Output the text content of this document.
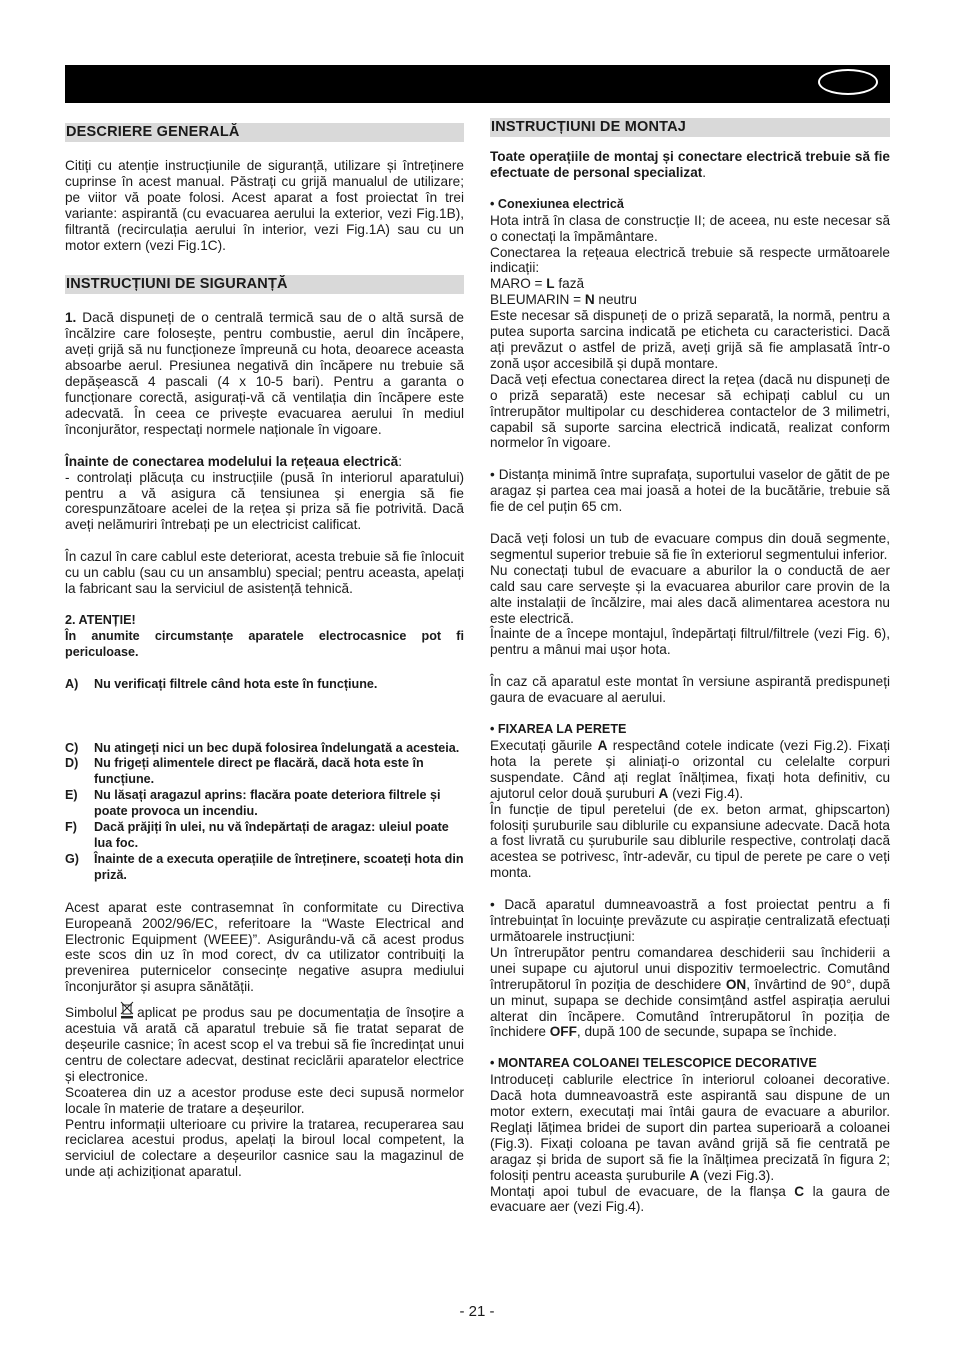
DESCRIERE GENERALĂ

Citiți cu atenție instrucțiunile de siguranță, utilizare și întreținere cuprinse în acest manual. Păstrați cu grijă manualul de utilizare; pe viitor vă poate folosi. Acest aparat a fost proiectat în trei variante: aspirantă (cu evacuarea aerului la exterior, vezi Fig.1B), filtrantă (recirculația aerului în interior, vezi Fig.1A) sau cu un motor extern (vezi Fig.1C).

INSTRUCȚIUNI DE SIGURANȚĂ

1. Dacă dispuneți de o centrală termică sau de o altă sursă de încălzire care folosește, pentru combustie, aerul din încăpere, aveți grijă să nu funcționeze împreună cu hota, deoarece aceasta absoarbe aerul. Presiunea negativă din încăpere nu trebuie să depășească 4 pascali (4 x 10-5 bari). Pentru a garanta o funcționare corectă, asigurați-vă că ventilația din încăpere este adecvată. În ceea ce privește evacuarea aerului în mediul înconjurător, respectați normele naționale în vigoare.

Înainte de conectarea modelului la rețeaua electrică:

- controlați plăcuța cu instrucțiile (pusă în interiorul aparatului) pentru a vă asigura că tensiunea și energia să fie corespunzătoare acelei de la rețea și priza să fie potrivită. Dacă aveți nelămuriri întrebați pe un electricist calificat.

În cazul în care cablul este deteriorat, acesta trebuie să fie înlocuit cu un cablu (sau cu un ansamblu) special; pentru aceasta, apelați la fabricant sau la serviciul de asistență tehnică.

2. ATENȚIE!

În anumite circumstanțe aparatele electrocasnice pot fi periculoase.

A)	Nu verificați filtrele când hota este în funcțiune.
C)	Nu atingeți nici un bec după folosirea îndelungată a acesteia.
D)	Nu frigeți alimentele direct pe flacără, dacă hota este în funcțiune.
E)	Nu lăsați aragazul aprins: flacăra poate deteriora filtrele și poate provoca un incendiu.
F)	Dacă prăjiți în ulei, nu vă îndepărtați de aragaz: uleiul poate lua foc.
G)	Înainte de a executa operațiile de întreținere, scoateți hota din priză.

Acest aparat este contrasemnat în conformitate cu Directiva Europeană 2002/96/EC, referitoare la “Waste Electrical and Electronic Equipment (WEEE)”. Asigurându-vă că acest produs este scos din uz în mod corect, dv ca utilizator contribuiți la prevenirea puternicelor consecințe negative asupra mediului înconjurător și asupra sănătății.

Simbolul aplicat pe produs sau pe documentația de însoțire a acestuia vă arată că aparatul trebuie să fie tratat separat de deșeurile casnice; în acest scop el va trebui să fie încredințat unui centru de colectare adecvat, destinat reciclării aparatelor electrice și electronice.

Scoaterea din uz a acestor produse este deci supusă normelor locale în materie de tratare a deșeurilor.

Pentru informații ulterioare cu privire la tratarea, recuperarea sau reciclarea acestui produs, apelați la biroul local competent, la serviciul de colectare a deșeurilor casnice sau la magazinul de unde ați achiziționat aparatul.

INSTRUCȚIUNI DE MONTAJ

Toate operațiile de montaj și conectare electrică trebuie să fie efectuate de personal specializat.

• Conexiunea electrică

Hota intră în clasa de construcție II; de aceea, nu este necesar să o conectați la împământare.

Conectarea la rețeaua electrică trebuie să respecte următoarele indicații:

MARO = L fază

BLEUMARIN = N neutru

Este necesar să dispuneți de o priză separată, la normă, pentru a putea suporta sarcina indicată pe eticheta cu caracteristici. Dacă ați prevăzut o astfel de priză, aveți grijă să fie amplasată într-o zonă ușor accesibilă și după montare.

Dacă veți efectua conectarea direct la rețea (dacă nu dispuneți de o priză separată) este necesar să echipați cablul cu un întrerupător multipolar cu deschiderea contactelor de 3 milimetri, capabil să suporte sarcina electrică indicată, realizat conform normelor în vigoare.

• Distanța minimă între suprafața, suportului vaselor de gătit de pe aragaz și partea cea mai joasă a hotei de la bucătărie, trebuie să fie de cel puțin 65 cm.

Dacă veți folosi un tub de evacuare compus din două segmente, segmentul superior trebuie să fie în exteriorul segmentului inferior.

Nu conectați tubul de evacuare a aburilor la o conductă de aer cald sau care servește și la evacuarea aburilor care provin de la alte instalații de încălzire, mai ales dacă alimentarea acestora nu este electrică.

Înainte de a începe montajul, îndepărtați filtrul/filtrele (vezi Fig. 6), pentru a mânui mai ușor hota.

În caz că aparatul este montat în versiune aspirantă predispuneți gaura de evacuare al aerului.

• FIXAREA LA PERETE

Executați găurile A respectând cotele indicate (vezi Fig.2). Fixați hota la perete și aliniați-o orizontal cu celelalte corpuri suspendate. Când ați reglat înălțimea, fixați hota definitiv, cu ajutorul celor două șuruburi A (vezi Fig.4).

În funcție de tipul peretelui (de ex. beton armat, ghipscarton) folosiți șuruburile sau diblurile cu expansiune adecvate. Dacă hota a fost livrată cu șuruburile sau diblurile respective, controlați dacă acestea se potrivesc, într-adevăr, cu tipul de perete pe care o veți monta.

• Dacă aparatul dumneavoastră a fost proiectat pentru a fi întrebuințat în locuințe prevăzute cu aspirație centralizată efectuați următoarele instrucțiuni:

Un întrerupător pentru comandarea deschiderii sau închiderii a unei supape cu ajutorul unui dispozitiv termoelectric. Comutând întrerupătorul în poziția de deschidere ON, învârtind de 90°, după un minut, supapa se dechide consimțând astfel aspirația aerului alterat din încăpere. Comutând întrerupătorul în poziția de închidere OFF, după 100 de secunde, supapa se închide.

• MONTAREA COLOANEI TELESCOPICE DECORATIVE

Introduceți cablurile electrice în interiorul coloanei decorative. Dacă hota dumneavoastră este aspirantă sau dispune de un motor extern, executați mai întâi gaura de evacuare a aburilor. Reglați lățimea bridei de suport din partea superioară a coloanei (Fig.3). Fixați coloana pe tavan având grijă să fie centrată pe aragaz și brida de suport să fie la înălțimea precizată în figura 2; folosiți pentru aceasta șuruburile A (vezi Fig.3).

Montați apoi tubul de evacuare, de la flanșa C la gaura de evacuare aer (vezi Fig.4).

- 21 -
